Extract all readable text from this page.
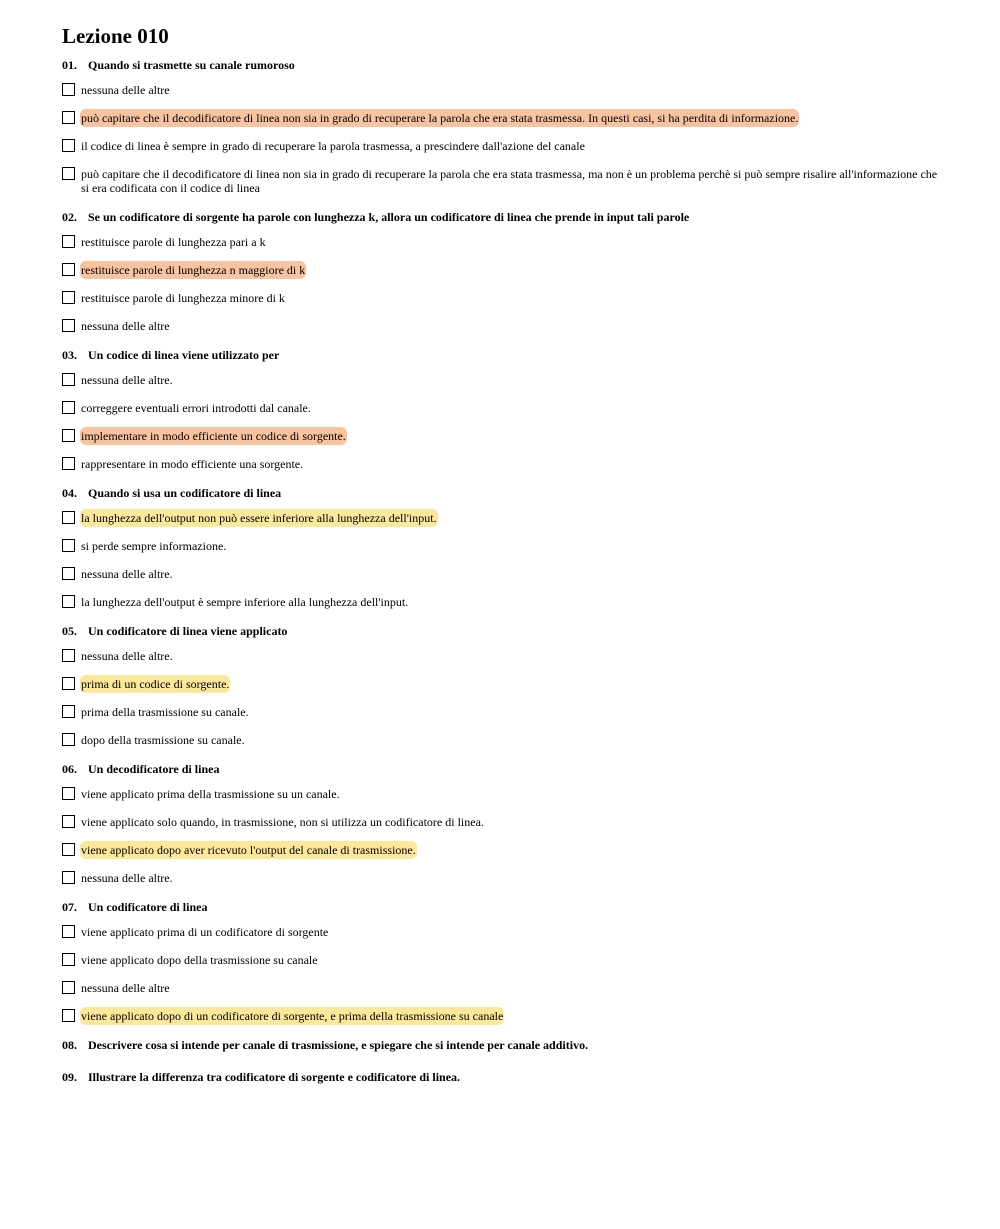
Lezione 010
01. Quando si trasmette su canale rumoroso
nessuna delle altre
può capitare che il decodificatore di linea non sia in grado di recuperare la parola che era stata trasmessa. In questi casi, si ha perdita di informazione.
il codice di linea è sempre in grado di recuperare la parola trasmessa, a prescindere dall'azione del canale
può capitare che il decodificatore di linea non sia in grado di recuperare la parola che era stata trasmessa, ma non è un problema perchè si può sempre risalire all'informazione che si era codificata con il codice di linea
02. Se un codificatore di sorgente ha parole con lunghezza k, allora un codificatore di linea che prende in input tali parole
restituisce parole di lunghezza pari a k
restituisce parole di lunghezza n maggiore di k
restituisce parole di lunghezza minore di k
nessuna delle altre
03. Un codice di linea viene utilizzato per
nessuna delle altre.
correggere eventuali errori introdotti dal canale.
implementare in modo efficiente un codice di sorgente.
rappresentare in modo efficiente una sorgente.
04. Quando si usa un codificatore di linea
la lunghezza dell'output non può essere inferiore alla lunghezza dell'input.
si perde sempre informazione.
nessuna delle altre.
la lunghezza dell'output è sempre inferiore alla lunghezza dell'input.
05. Un codificatore di linea viene applicato
nessuna delle altre.
prima di un codice di sorgente.
prima della trasmissione su canale.
dopo della trasmissione su canale.
06. Un decodificatore di linea
viene applicato prima della trasmissione su un canale.
viene applicato solo quando, in trasmissione, non si utilizza un codificatore di linea.
viene applicato dopo aver ricevuto l'output del canale di trasmissione.
nessuna delle altre.
07. Un codificatore di linea
viene applicato prima di un codificatore di sorgente
viene applicato dopo della trasmissione su canale
nessuna delle altre
viene applicato dopo di un codificatore di sorgente, e prima della trasmissione su canale
08. Descrivere cosa si intende per canale di trasmissione, e spiegare che si intende per canale additivo.
09. Illustrare la differenza tra codificatore di sorgente e codificatore di linea.
